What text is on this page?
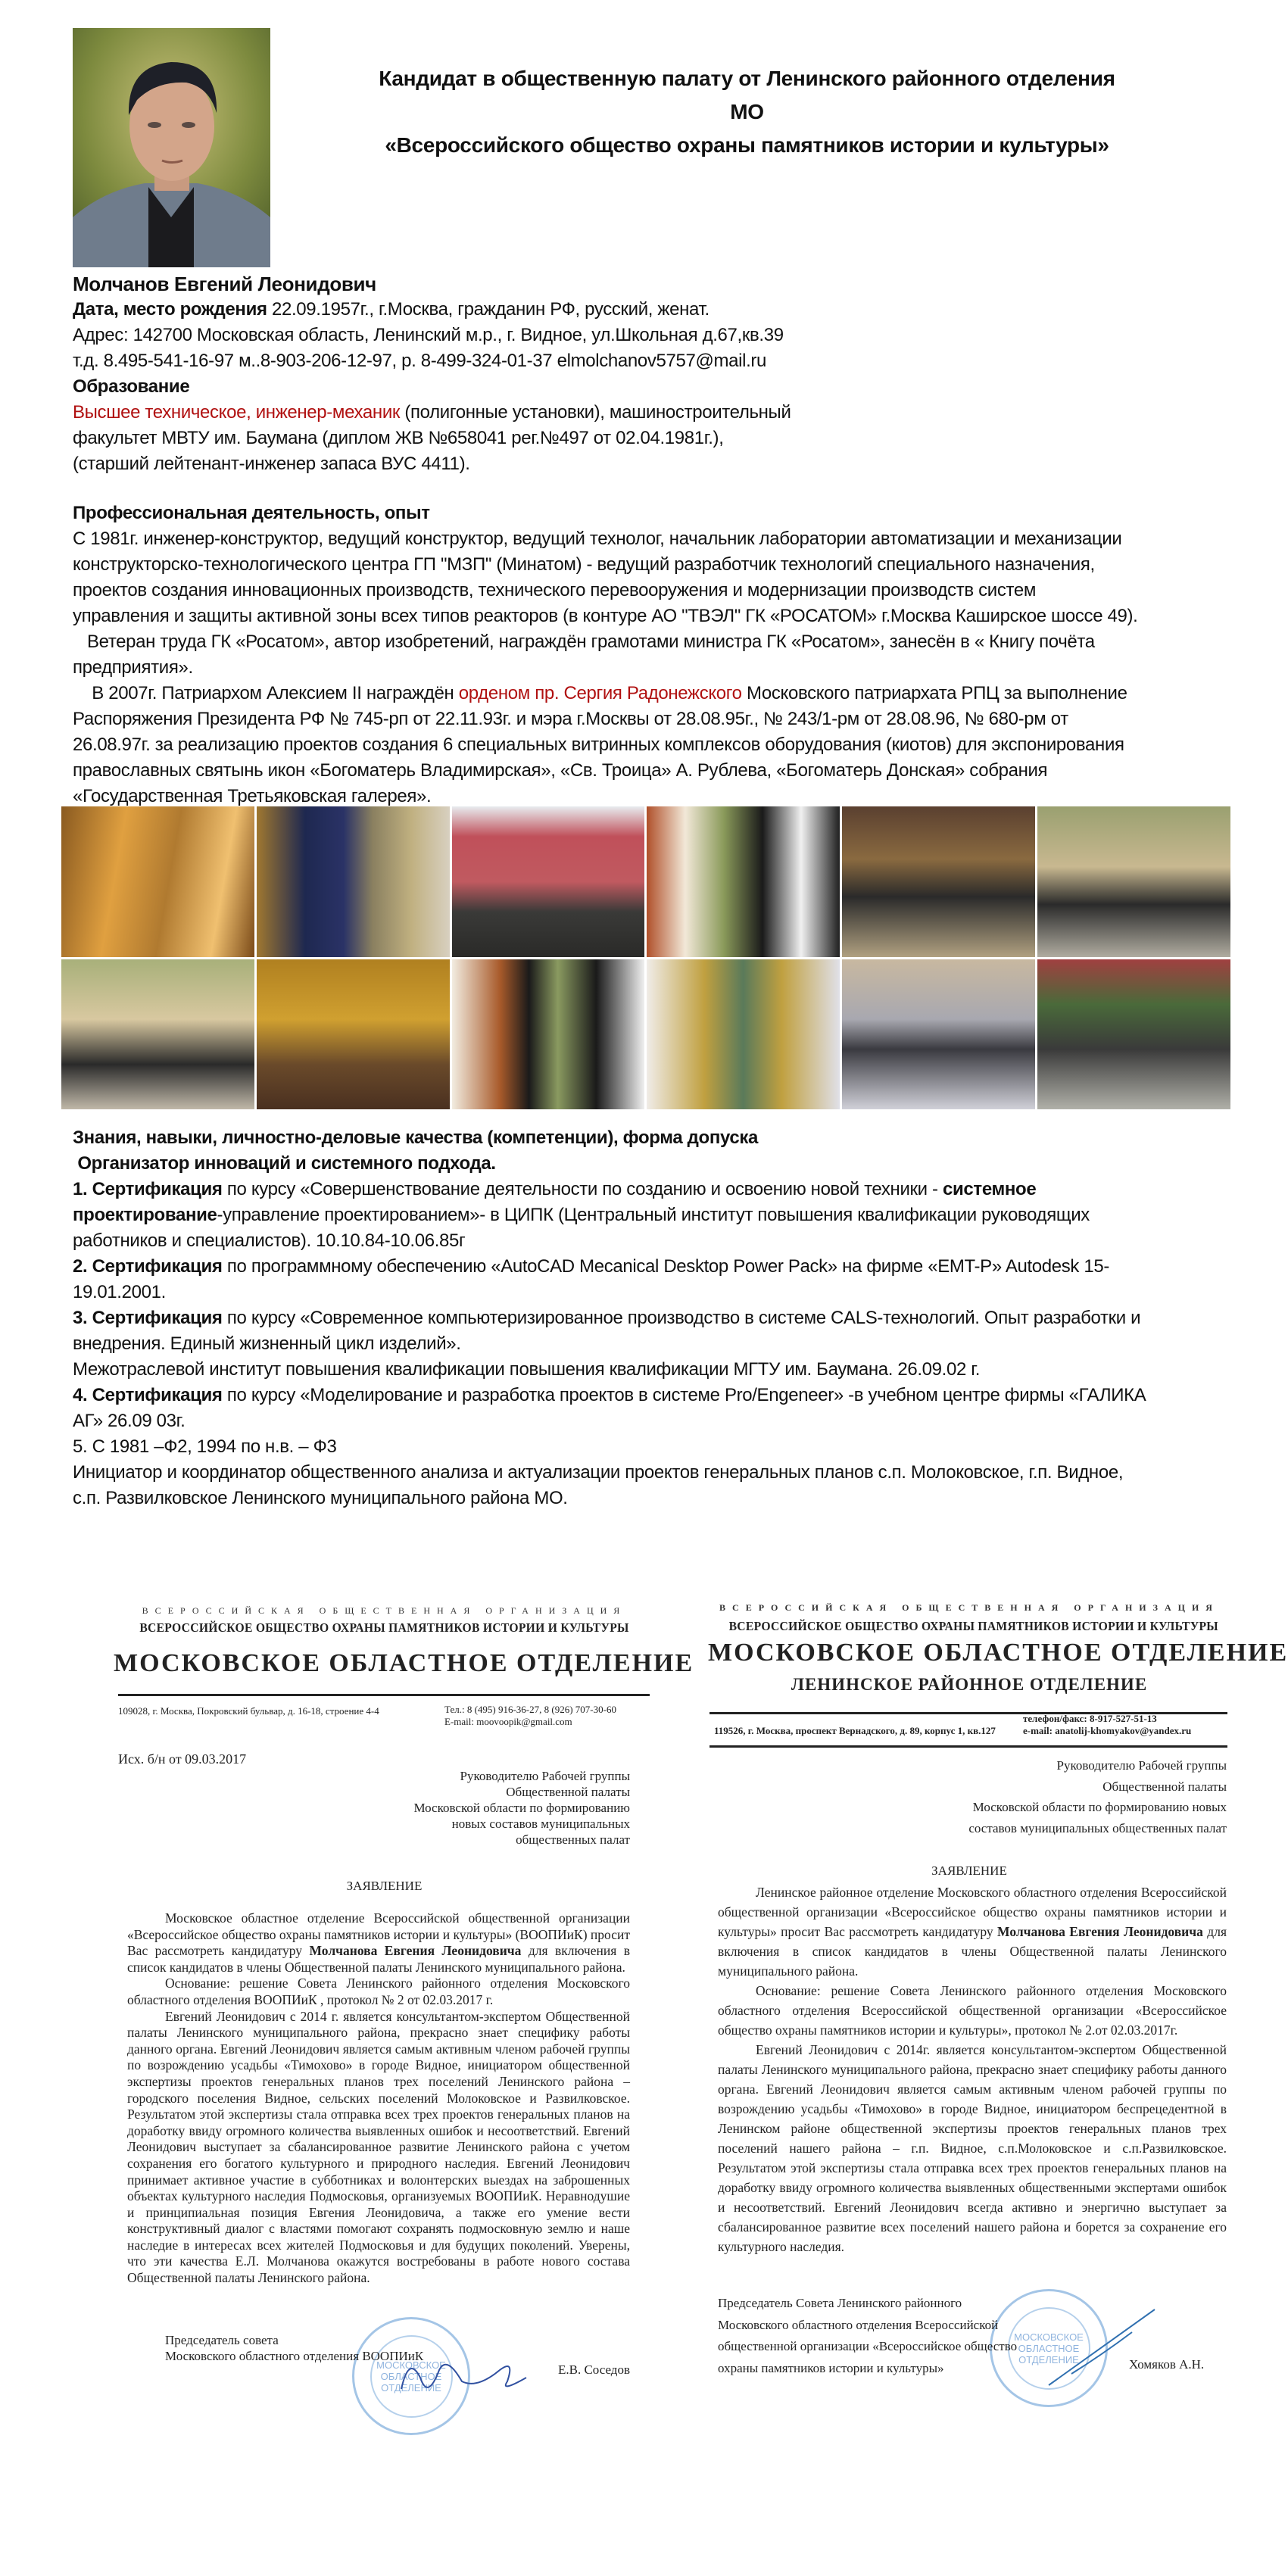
Кандидат в общественную палату от Ленинского районного отделения
МО
«Всероссийского общество охраны памятников истории и культуры»
Молчанов Евгений Леонидович
Дата, место рождения 22.09.1957г., г.Москва, гражданин РФ, русский, женат.
Адрес: 142700 Московская область, Ленинский м.р., г. Видное, ул.Школьная д.67,кв.39
т.д. 8.495-541-16-97 м..8-903-206-12-97, р. 8-499-324-01-37 elmolchanov5757@mail.ru
Образование
Высшее техническое, инженер-механик (полигонные установки), машиностроительный
факультет МВТУ им. Баумана (диплом ЖВ №658041 рег.№497 от 02.04.1981г.),
(старший лейтенант-инженер запаса ВУС 4411).
Профессиональная деятельность, опыт
С 1981г. инженер-конструктор, ведущий конструктор, ведущий технолог, начальник лаборатории автоматизации и механизации
конструкторско-технологического центра ГП "МЗП" (Минатом) - ведущий разработчик технологий специального назначения,
проектов создания инновационных производств, технического перевооружения и модернизации производств систем
управления и защиты активной зоны всех типов реакторов (в контуре АО "ТВЭЛ" ГК «РОСАТОМ» г.Москва Каширское шоссе 49).
Ветеран труда ГК «Росатом», автор изобретений, награждён грамотами министра ГК «Росатом», занесён в « Книгу почёта
предприятия».
В 2007г. Патриархом Алексием II награждён орденом пр. Сергия Радонежского Московского патриархата РПЦ за выполнение
Распоряжения Президента РФ № 745-рп от 22.11.93г. и мэра г.Москвы от 28.08.95г., № 243/1-рм от 28.08.96, № 680-рм от
26.08.97г. за реализацию проектов создания 6 специальных витринных комплексов оборудования (киотов) для экспонирования
православных святынь икон «Богоматерь Владимирская», «Св. Троица» А. Рублева, «Богоматерь Донская» собрания
«Государственная Третьяковская галерея».
Знания, навыки, личностно-деловые качества (компетенции), форма допуска
Организатор инноваций и системного подхода.
1. Сертификация по курсу «Совершенствование деятельности по созданию и освоению новой техники - системное
проектирование-управление проектированием»- в ЦИПК (Центральный институт повышения квалификации руководящих
работников и специалистов). 10.10.84-10.06.85г
2. Сертификация по программному обеспечению «AutoCAD Mecanical Desktop Power Pack» на фирме «EMT-P» Autodesk 15-
19.01.2001.
3. Сертификация по курсу «Современное компьютеризированное производство в системе CALS-технологий. Опыт разработки и
внедрения. Единый жизненный цикл изделий».
Межотраслевой институт повышения квалификации повышения квалификации МГТУ им. Баумана. 26.09.02 г.
4. Сертификация по курсу «Моделирование и разработка проектов в системе Pro/Engeneer» -в учебном центре фирмы «ГАЛИКА
АГ» 26.09 03г.
5. С 1981 –Ф2, 1994 по н.в. – Ф3
Инициатор и координатор общественного анализа и актуализации проектов генеральных планов с.п. Молоковское, г.п. Видное,
с.п. Развилковское Ленинского муниципального района МО.
ВСЕРОССИЙСКАЯ ОБЩЕСТВЕННАЯ ОРГАНИЗАЦИЯ
ВСЕРОССИЙСКОЕ ОБЩЕСТВО ОХРАНЫ ПАМЯТНИКОВ ИСТОРИИ И КУЛЬТУРЫ
МОСКОВСКОЕ ОБЛАСТНОЕ ОТДЕЛЕНИЕ
109028, г. Москва, Покровский бульвар, д. 16-18, строение 4-4	Тел.: 8 (495) 916-36-27, 8 (926) 707-30-60
E-mail: moovoopik@gmail.com
Исх. б/н от 09.03.2017
Руководителю Рабочей группы
Общественной палаты
Московской области по формированию
новых составов муниципальных
общественных палат
ЗАЯВЛЕНИЕ

Московское областное отделение Всероссийской общественной организации «Всероссийское общество охраны памятников истории и культуры» (ВООПИиК) просит Вас рассмотреть кандидатуру Молчанова Евгения Леонидовича для включения в список кандидатов в члены Общественной палаты Ленинского муниципального района.

Основание: решение Совета Ленинского районного отделения Московского областного отделения ВООПИиК , протокол № 2 от 02.03.2017 г.

Евгений Леонидович с 2014 г. является консультантом-экспертом Общественной палаты Ленинского муниципального района, прекрасно знает специфику работы данного органа. Евгений Леонидович является самым активным членом рабочей группы по возрождению усадьбы «Тимохово» в городе Видное, инициатором общественной экспертизы проектов генеральных планов трех поселений Ленинского района – городского поселения Видное, сельских поселений Молоковское и Развилковское. Результатом этой экспертизы стала отправка всех трех проектов генеральных планов на доработку ввиду огромного количества выявленных ошибок и несоответствий. Евгений Леонидович выступает за сбалансированное развитие Ленинского района с учетом сохранения его богатого культурного и природного наследия. Евгений Леонидович принимает активное участие в субботниках и волонтерских выездах на заброшенных объектах культурного наследия Подмосковья, организуемых ВООПИиК. Неравнодушие и принципиальная позиция Евгения Леонидовича, а также его умение вести конструктивный диалог с властями помогают сохранять подмосковную землю и наше наследие в интересах всех жителей Подмосковья и для будущих поколений. Уверены, что эти качества Е.Л. Молчанова окажутся востребованы в работе нового состава Общественной палаты Ленинского района.

МОСКОВСКОЕ ОБЛАСТНОЕ ОТДЕЛЕНИЕ
Председатель совета
Московского областного отделения ВООПИиК
Е.В. Соседов
ВСЕРОССИЙСКАЯ ОБЩЕСТВЕННАЯ ОРГАНИЗАЦИЯ
ВСЕРОССИЙСКОЕ ОБЩЕСТВО ОХРАНЫ ПАМЯТНИКОВ ИСТОРИИ И КУЛЬТУРЫ
МОСКОВСКОЕ ОБЛАСТНОЕ ОТДЕЛЕНИЕ
ЛЕНИНСКОЕ РАЙОННОЕ ОТДЕЛЕНИЕ
119526, г. Москва, проспект Вернадского, д. 89, корпус 1, кв.127
телефон/факс: 8-917-527-51-13
e-mail: anatolij-khomyakov@yandex.ru
Руководителю Рабочей группы
Общественной палаты
Московской области по формированию новых
составов муниципальных общественных палат
ЗАЯВЛЕНИЕ

Ленинское районное отделение Московского областного отделения Всероссийской общественной организации «Всероссийское общество охраны памятников истории и культуры» просит Вас рассмотреть кандидатуру Молчанова Евгения Леонидовича для включения в список кандидатов в члены Общественной палаты Ленинского муниципального района.

Основание: решение Совета Ленинского районного отделения Московского областного отделения Всероссийской общественной организации «Всероссийское общество охраны памятников истории и культуры», протокол № 2.от 02.03.2017г.

Евгений Леонидович с 2014г. является консультантом-экспертом Общественной палаты Ленинского муниципального района, прекрасно знает специфику работы данного органа. Евгений Леонидович является самым активным членом рабочей группы по возрождению усадьбы «Тимохово» в городе Видное, инициатором беспрецедентной в Ленинском районе общественной экспертизы проектов генеральных планов трех поселений нашего района – г.п. Видное, с.п.Молоковское и с.п.Развилковское. Результатом этой экспертизы стала отправка всех трех проектов генеральных планов на доработку ввиду огромного количества выявленных общественными экспертами ошибок и несоответствий. Евгений Леонидович всегда активно и энергично выступает за сбалансированное развитие всех поселений нашего района и борется за сохранение его культурного наследия.

МОСКОВСКОЕ ОБЛАСТНОЕ ОТДЕЛЕНИЕ
Председатель Совета Ленинского районного
Московского областного отделения Всероссийской
общественной организации «Всероссийское общество
охраны памятников истории и культуры»	Хомяков А.Н.
